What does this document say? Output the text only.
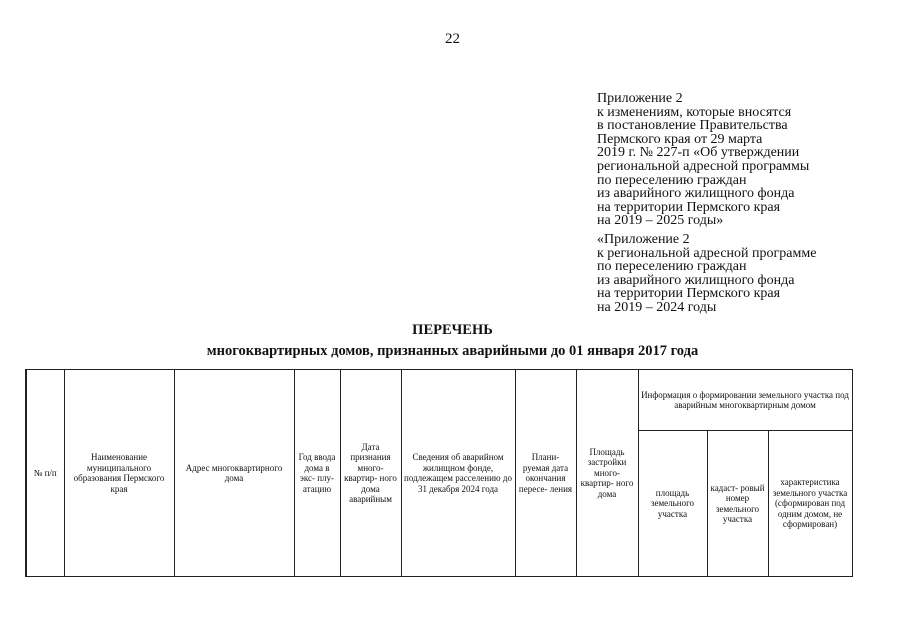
22
Приложение 2
к изменениям, которые вносятся
в постановление Правительства
Пермского края от 29 марта
2019 г. № 227-п «Об утверждении
региональной адресной программы
по переселению граждан
из аварийного жилищного фонда
на территории Пермского края
на 2019 – 2025 годы»
«Приложение 2
к региональной адресной программе
по переселению граждан
из аварийного жилищного фонда
на территории Пермского края
на 2019 – 2024 годы
ПЕРЕЧЕНЬ
многоквартирных домов, признанных аварийными до 01 января 2017 года
№ п/п	Наименование муниципального образования Пермского края	Адрес многоквартирного дома	Год ввода дома в экс- плу- атацию	Дата признания много- квартир- ного дома аварийным	Сведения об аварийном жилищном фонде, подлежащем расселению до 31 декабря 2024 года	Плани- руемая дата окончания пересе- ления	Площадь застройки много- квартир- ного дома	Информация о формировании земельного участка под аварийным многоквартирным домом		
								площадь земельного участка	кадаст- ровый номер земельного участка	характеристика земельного участка (сформирован под одним домом, не сформирован)
